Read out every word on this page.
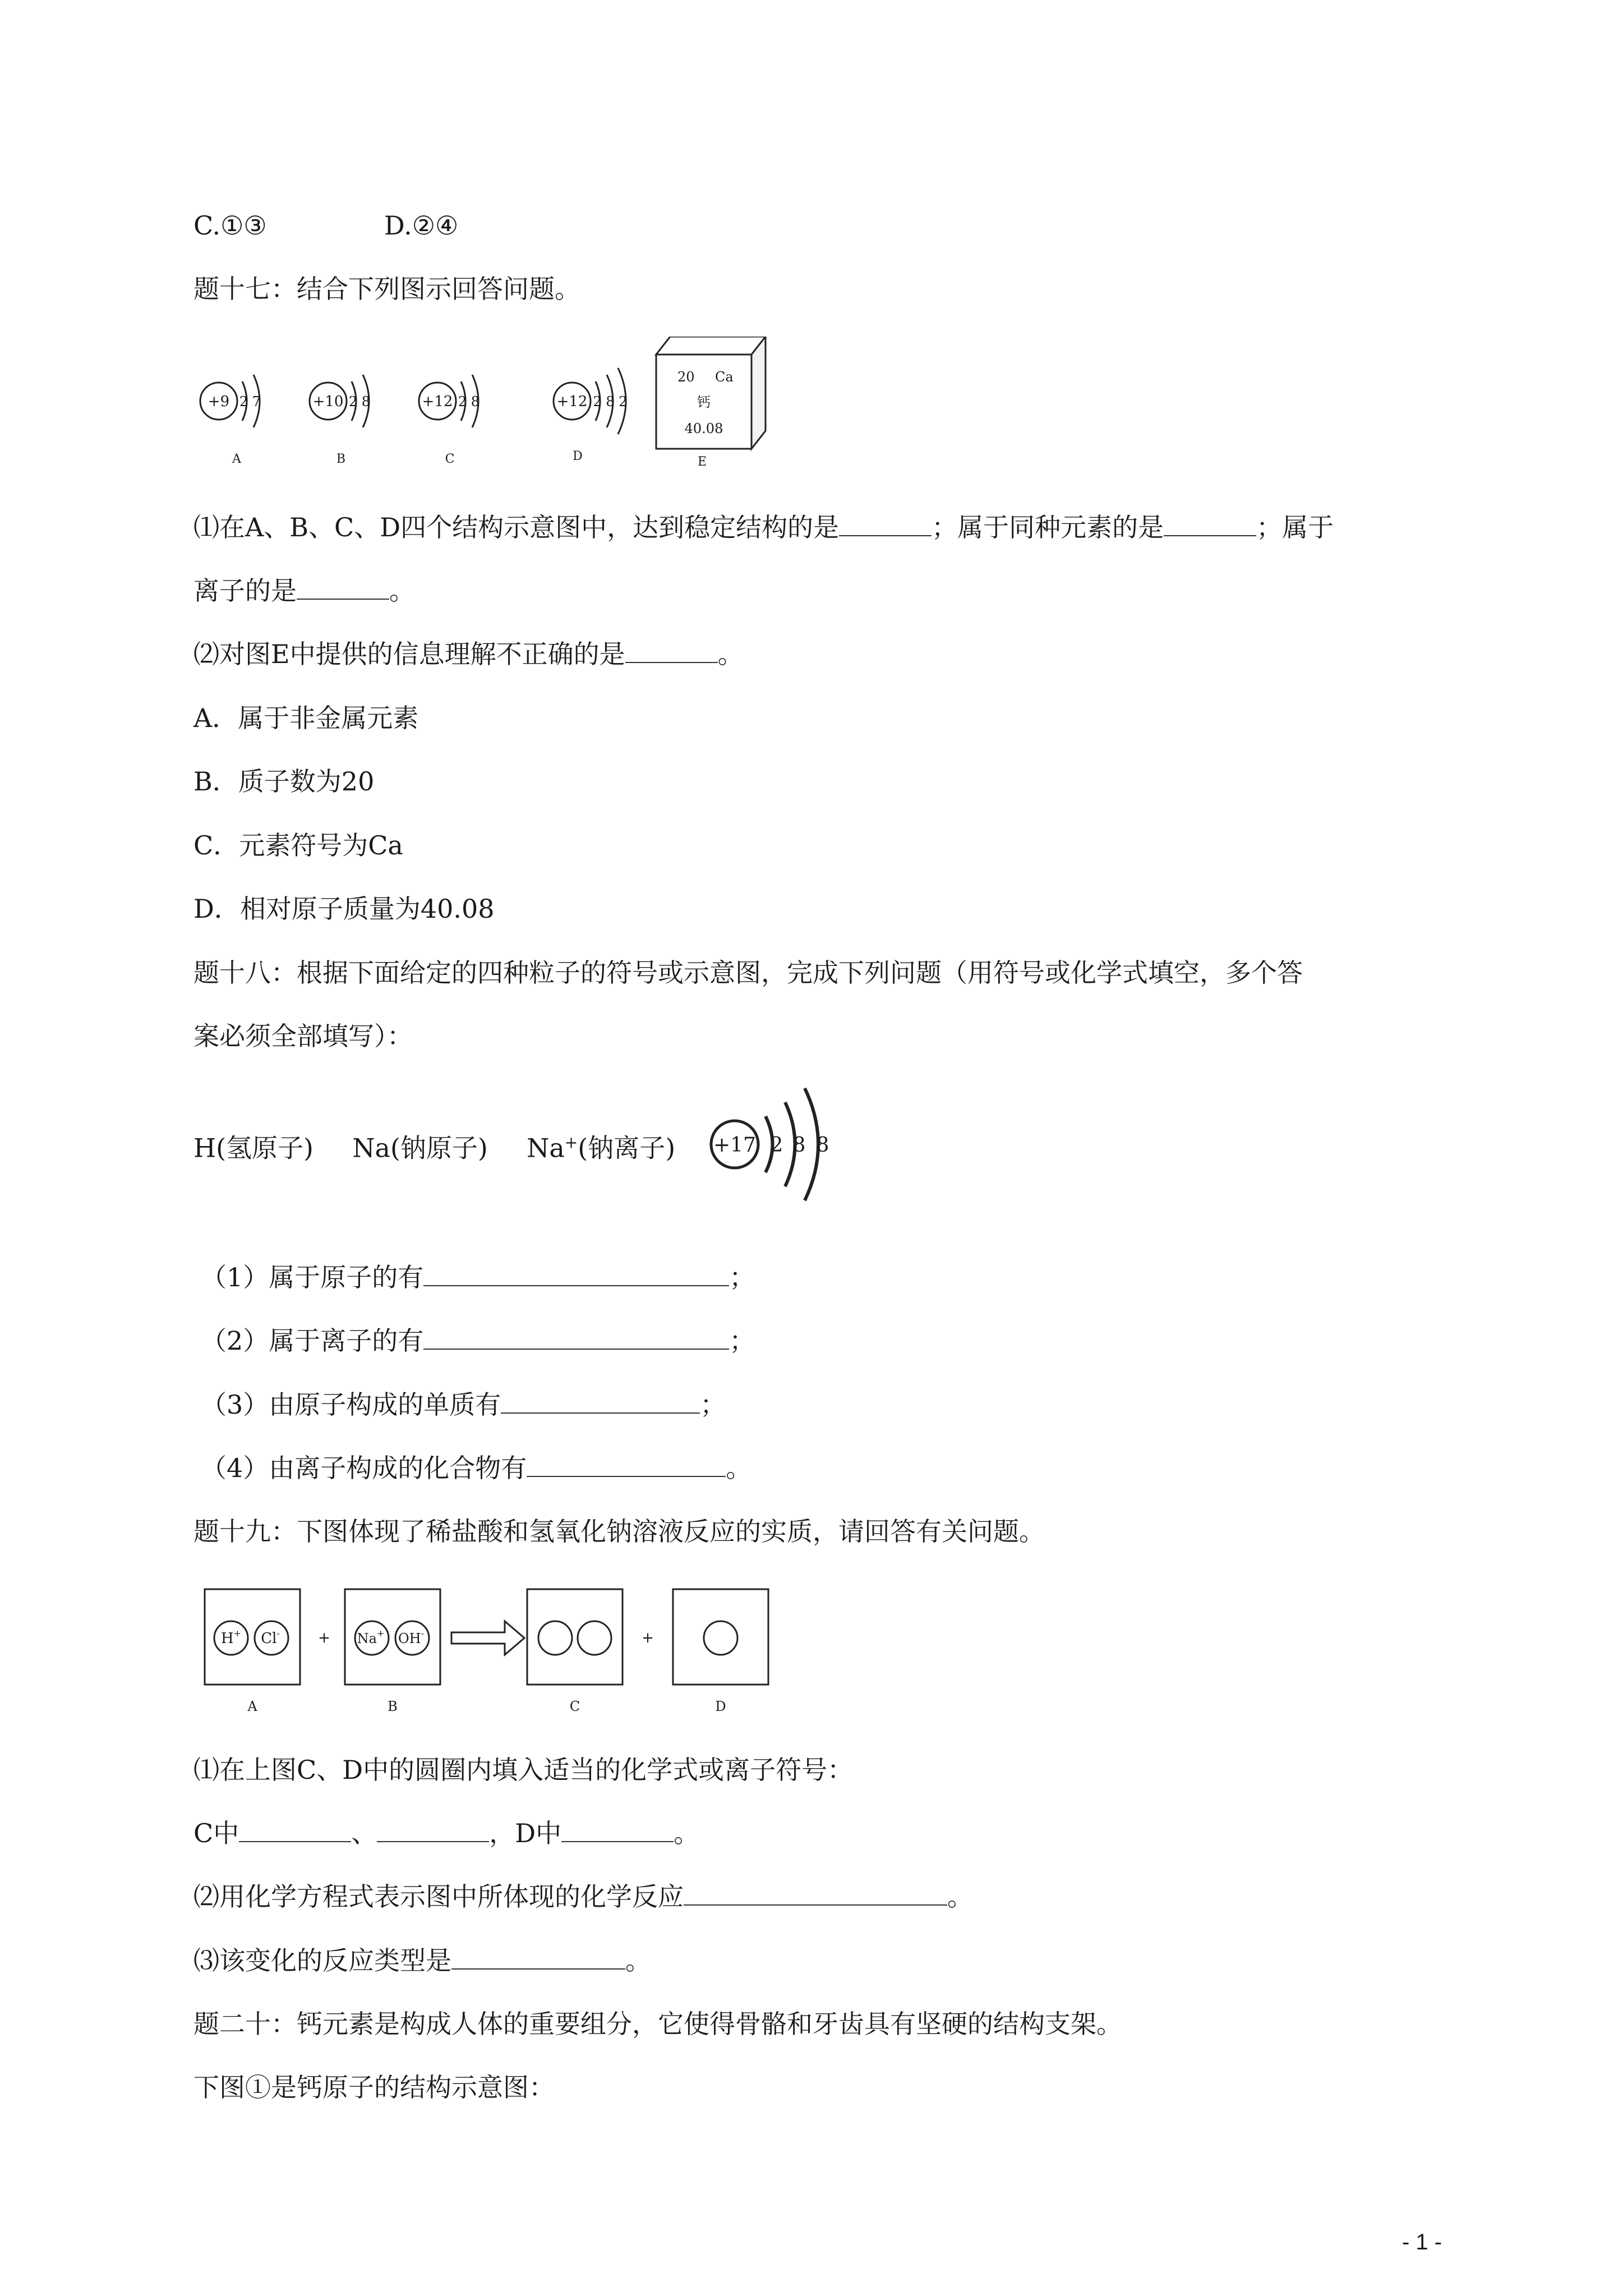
C.①③	D.②④
题十七：结合下列图示回答问题。
+9 2 7
A
+10 2 8
B
+12 2 8
C
+12 2 8 2
D
20 Ca
钙
40.08
E
⑴在A、B、C、D四个结构示意图中，达到稳定结构的是	；属于同种元素的是	；属于
离子的是	。
⑵对图E中提供的信息理解不正确的是	。
A．属于非金属元素
B．质子数为20
C．元素符号为Ca
D．相对原子质量为40.08
题十八：根据下面给定的四种粒子的符号或示意图，完成下列问题（用符号或化学式填空，多个答
案必须全部填写）：
H(氢原子) Na(钠原子) Na+(钠离子) +17 2 8 8
（1）属于原子的有	；
（2）属于离子的有	；
（3）由原子构成的单质有	；
（4）由离子构成的化合物有	。
题十九：下图体现了稀盐酸和氢氧化钠溶液反应的实质，请回答有关问题。
H+ Cl-
A
+ Na+ OH-
B	C
+
D
⑴在上图C、D中的圆圈内填入适当的化学式或离子符号：
C中	、	，D中	。
⑵用化学方程式表示图中所体现的化学反应	。
⑶该变化的反应类型是	。
题二十：钙元素是构成人体的重要组分，它使得骨骼和牙齿具有坚硬的结构支架。
下图①是钙原子的结构示意图：
- 1 -
